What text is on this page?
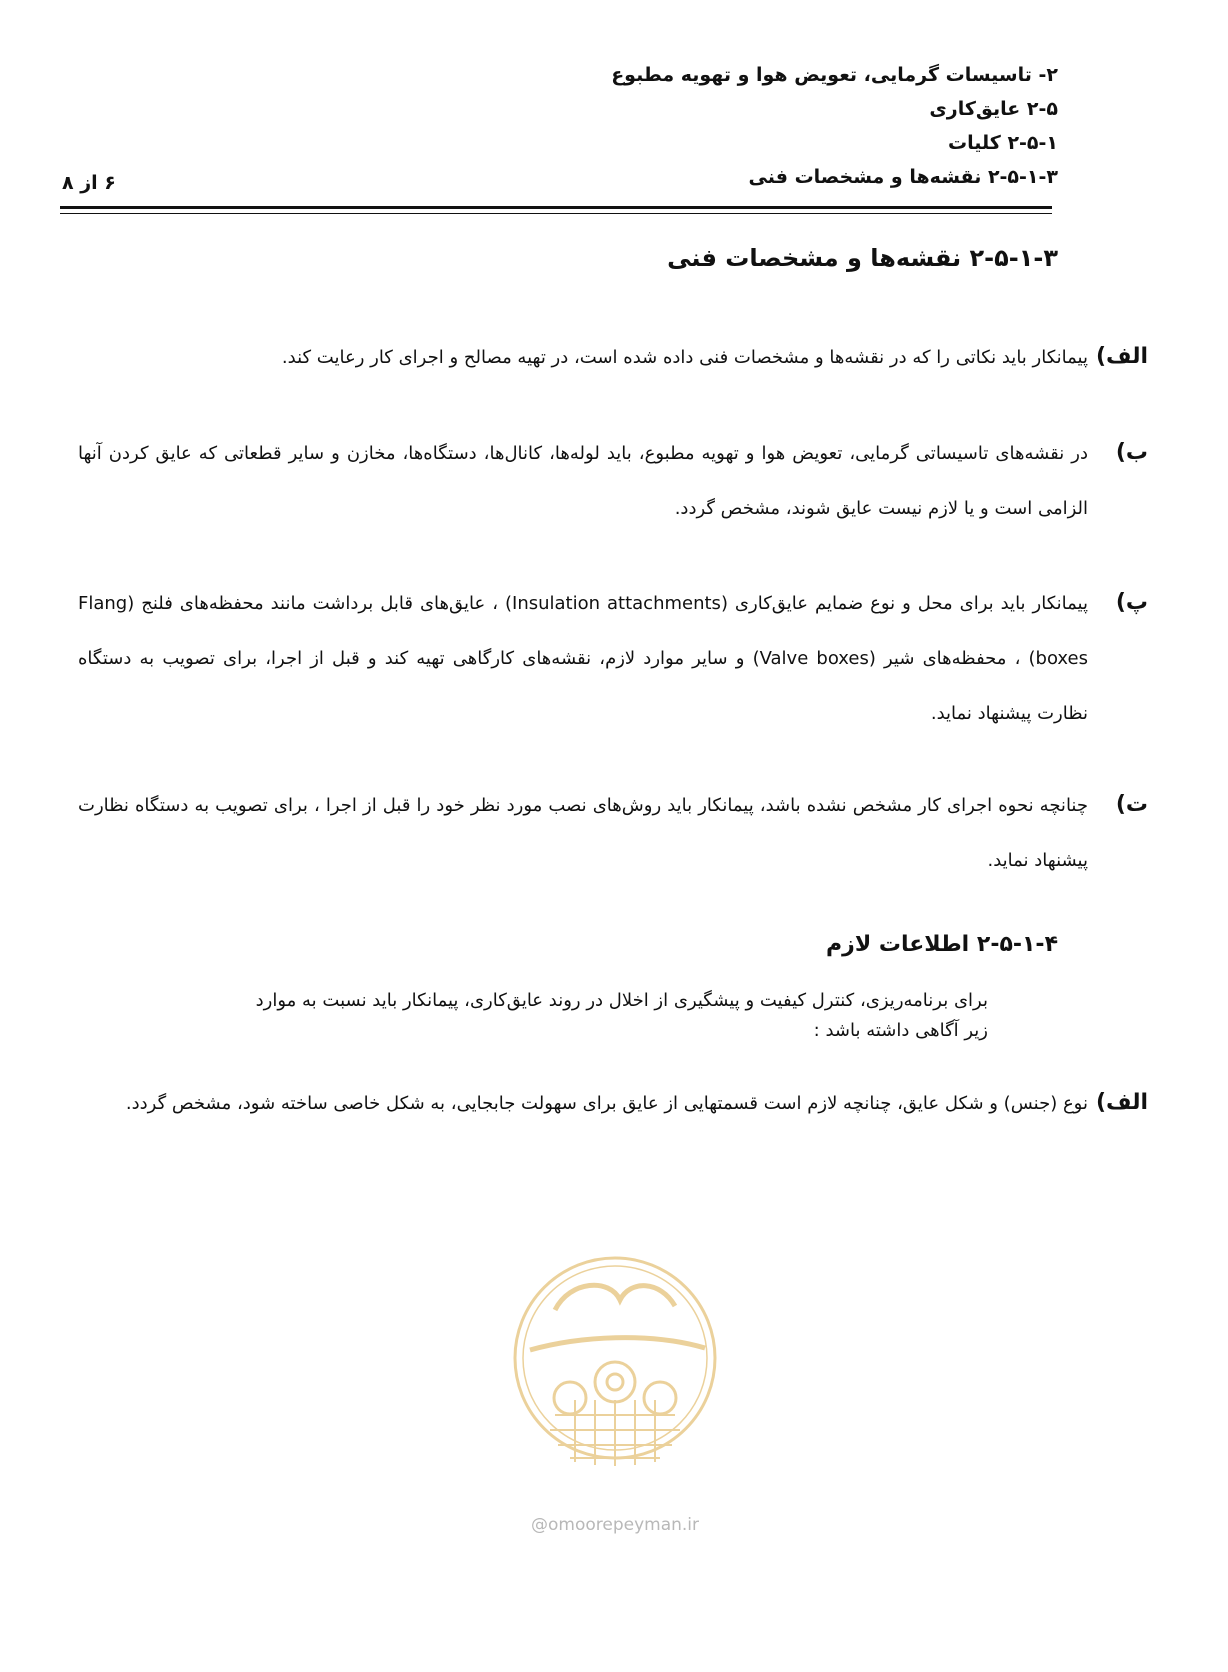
۲- تاسیسات گرمایی، تعویض هوا و تهویه مطبوع
۲-۵ عایق‌کاری
۲-۵-۱ کلیات
۲-۵-۱-۳ نقشه‌ها و مشخصات فنی
۶ از ۸
۲-۵-۱-۳ نقشه‌ها و مشخصات فنی
الف)
پیمانکار باید نکاتی را که در نقشه‌ها و مشخصات فنی داده شده است، در تهیه مصالح و اجرای کار رعایت کند.
ب)
در نقشه‌های تاسیساتی گرمایی، تعویض هوا و تهویه مطبوع، باید لوله‌ها، کانال‌ها، دستگاه‌ها، مخازن و سایر قطعاتی که عایق کردن آنها الزامی است و یا لازم نیست عایق شوند، مشخص گردد.
پ)
پیمانکار باید برای محل و نوع ضمایم عایق‌کاری (Insulation attachments) ، عایق‌های قابل برداشت مانند محفظه‌های فلنج (Flang boxes) ، محفظه‌های شیر (Valve boxes) و سایر موارد لازم، نقشه‌های کارگاهی تهیه کند و قبل از اجرا، برای تصویب به دستگاه نظارت پیشنهاد نماید.
ت)
چنانچه نحوه اجرای کار مشخص نشده باشد، پیمانکار باید روش‌های نصب مورد نظر خود را قبل از اجرا ، برای تصویب به دستگاه نظارت پیشنهاد نماید.
۲-۵-۱-۴ اطلاعات لازم
برای برنامه‌ریزی، کنترل کیفیت و پیشگیری از اخلال در روند عایق‌کاری، پیمانکار باید نسبت به موارد زیر آگاهی داشته باشد :
الف)
نوع (جنس) و شکل عایق، چنانچه لازم است قسمتهایی از عایق برای سهولت جابجایی، به شکل خاصی ساخته شود، مشخص گردد.
@omoorepeyman.ir
